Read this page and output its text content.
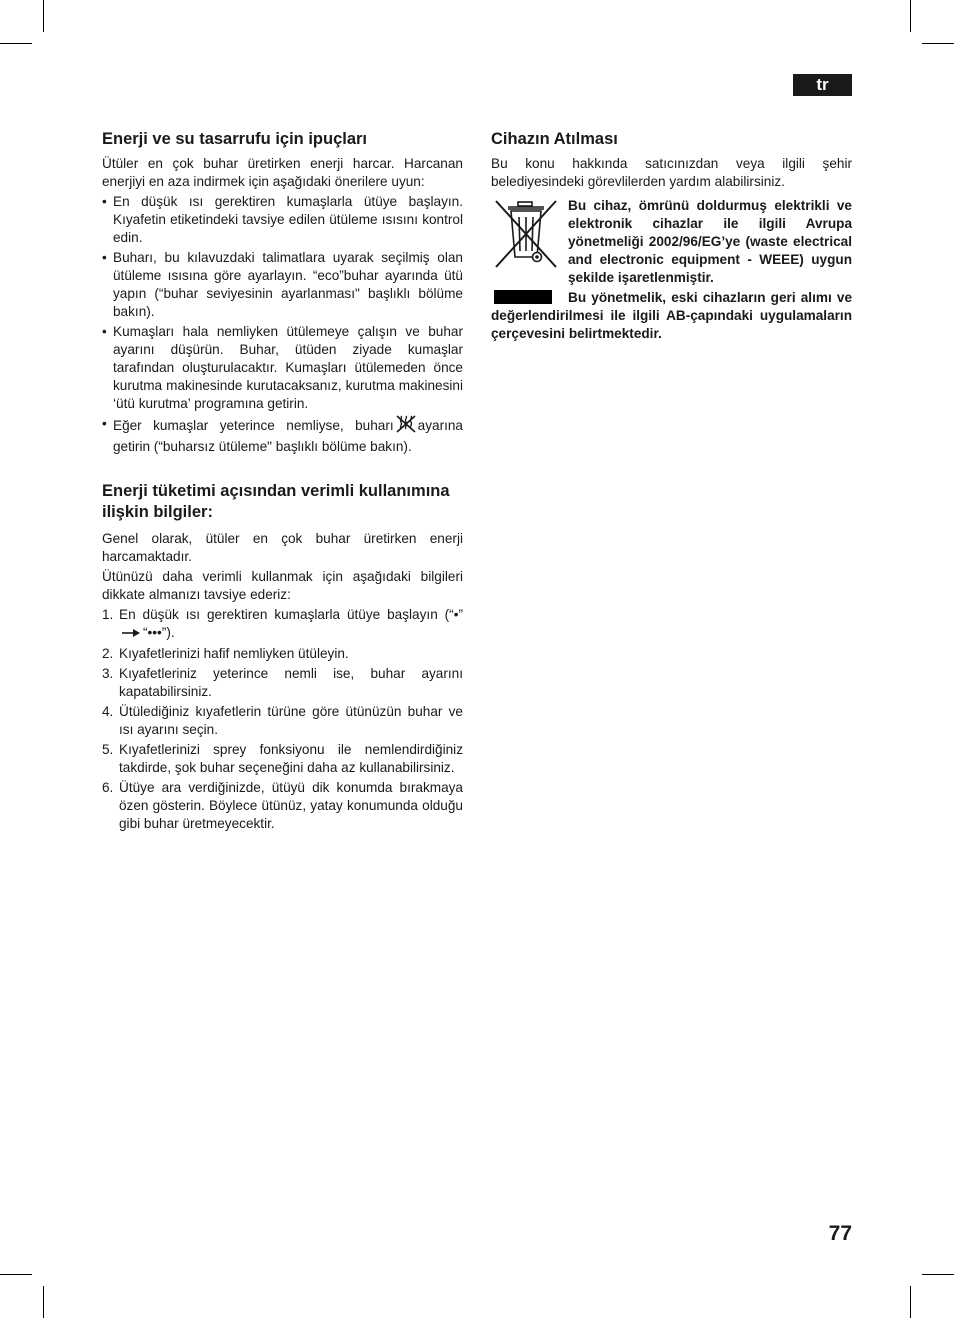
tr
Enerji ve su tasarrufu için ipuçları

Ütüler en çok buhar üretirken enerji harcar. Harcanan enerjiyi en aza indirmek için aşağıdaki önerilere uyun:

• En düşük ısı gerektiren kumaşlarla ütüye başlayın. Kıyafetin etiketindeki tavsiye edilen ütüleme ısısını kontrol edin.
• Buharı, bu kılavuzdaki talimatlara uyarak seçilmiş olan ütüleme ısısına göre ayarlayın. “eco”buhar ayarında ütü yapın (“buhar seviyesinin ayarlanması" başlıklı bölüme bakın).
• Kumaşları hala nemliyken ütülemeye çalışın ve buhar ayarını düşürün. Buhar, ütüden ziyade kumaşlar tarafından oluşturulacaktır. Kumaşları ütülemeden önce kurutma makinesinde kurutacaksanız, kurutma makinesini ‘ütü kurutma’ programına getirin.
• Eğer kumaşlar yeterince nemliyse, buharı ayarına getirin (“buharsız ütüleme" başlıklı bölüme bakın).
Enerji tüketimi açısından verimli kullanımına ilişkin bilgiler:

Genel olarak, ütüler en çok buhar üretirken enerji harcamaktadır.

Ütünüzü daha verimli kullanmak için aşağıdaki bilgileri dikkate almanızı tavsiye ederiz:

1. En düşük ısı gerektiren kumaşlarla ütüye başlayın (“•”“•••”).
2. Kıyafetlerinizi hafif nemliyken ütüleyin.
3. Kıyafetleriniz yeterince nemli ise, buhar ayarını kapatabilirsiniz.
4. Ütülediğiniz kıyafetlerin türüne göre ütünüzün buhar ve ısı ayarını seçin.
5. Kıyafetlerinizi sprey fonksiyonu ile nemlendirdiğiniz takdirde, şok buhar seçeneğini daha az kullanabilirsiniz.
6. Ütüye ara verdiğinizde, ütüyü dik konumda bırakmaya özen gösterin. Böylece ütünüz, yatay konumunda olduğu gibi buhar üretmeyecektir.
Cihazın Atılması

Bu konu hakkında satıcınızdan veya ilgili şehir belediyesindeki görevlilerden yardım alabilirsiniz.

Bu cihaz, ömrünü doldurmuş elektrikli ve elektronik cihazlar ile ilgili Avrupa yönetmeliği 2002/96/EG’ye (waste electrical and electronic equipment - WEEE) uygun şekilde işaretlenmiştir.

Bu yönetmelik, eski cihazların geri alımı ve değerlendirilmesi ile ilgili AB-çapındaki uygulamaların çerçevesini belirtmektedir.

77
